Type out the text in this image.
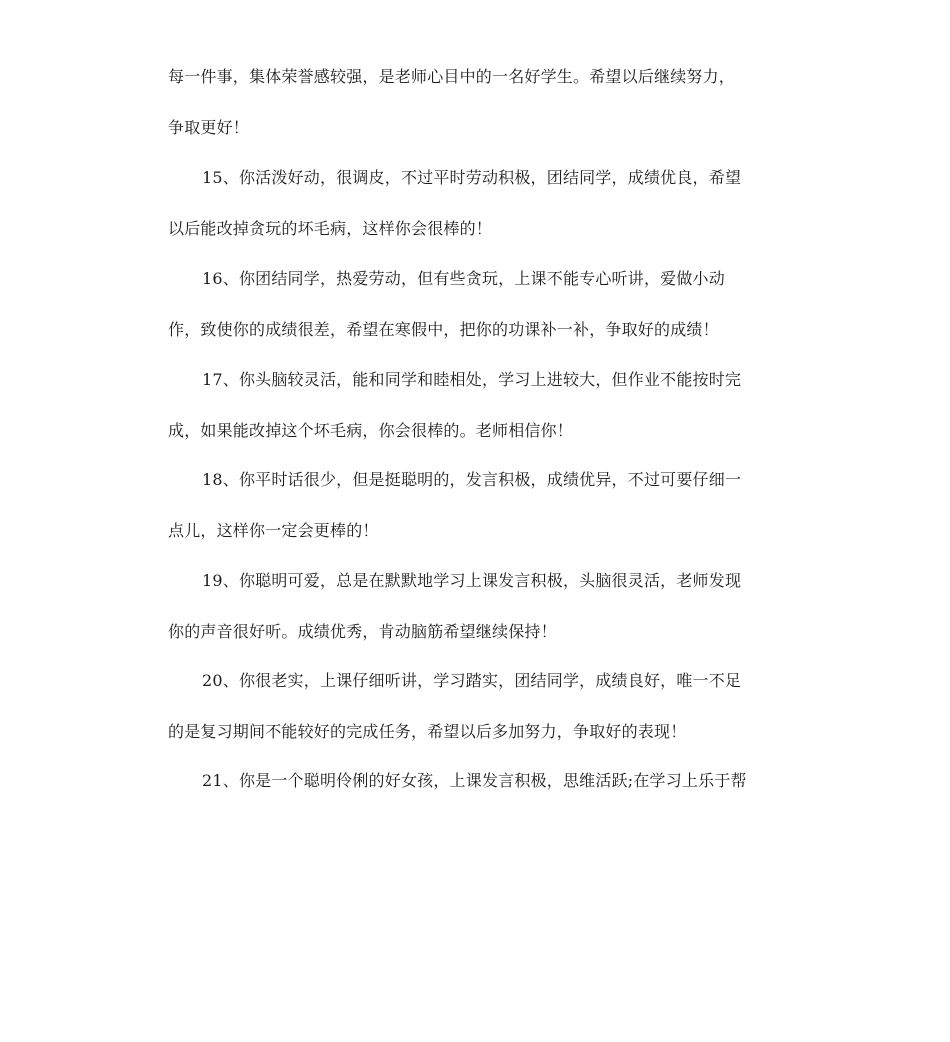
每一件事，集体荣誉感较强，是老师心目中的一名好学生。希望以后继续努力，
争取更好！
15、你活泼好动，很调皮，不过平时劳动积极，团结同学，成绩优良，希望
以后能改掉贪玩的坏毛病，这样你会很棒的！
16、你团结同学，热爱劳动，但有些贪玩，上课不能专心听讲，爱做小动
作，致使你的成绩很差，希望在寒假中，把你的功课补一补，争取好的成绩！
17、你头脑较灵活，能和同学和睦相处，学习上进较大，但作业不能按时完
成，如果能改掉这个坏毛病，你会很棒的。老师相信你！
18、你平时话很少，但是挺聪明的，发言积极，成绩优异，不过可要仔细一
点儿，这样你一定会更棒的！
19、你聪明可爱，总是在默默地学习上课发言积极，头脑很灵活，老师发现
你的声音很好听。成绩优秀，肯动脑筋希望继续保持！
20、你很老实，上课仔细听讲，学习踏实，团结同学，成绩良好，唯一不足
的是复习期间不能较好的完成任务，希望以后多加努力，争取好的表现！
21、你是一个聪明伶俐的好女孩，上课发言积极，思维活跃;在学习上乐于帮
